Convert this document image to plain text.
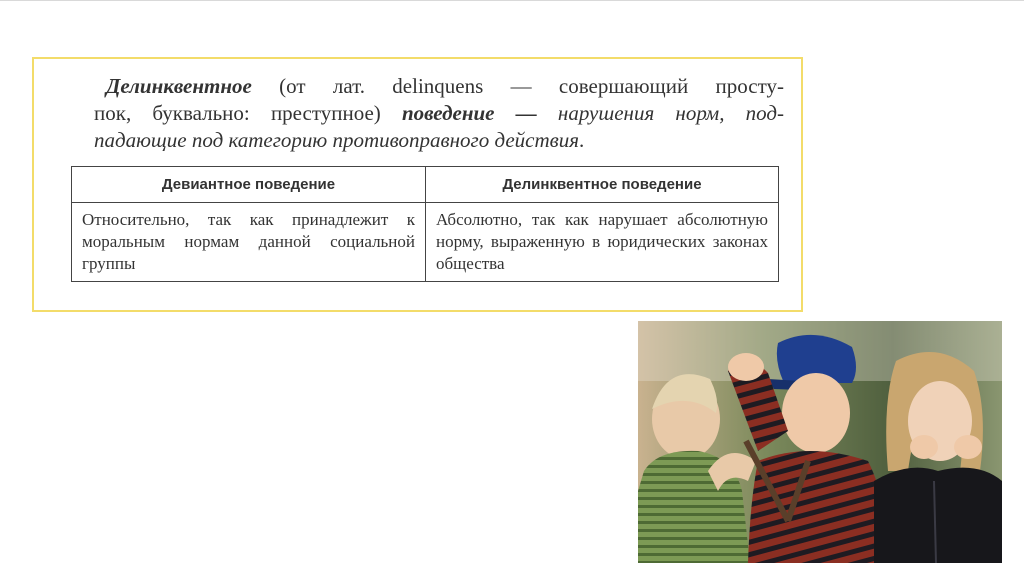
Делинквентное (от лат. delinquens — совершающий просту-
пок, буквально: преступное) поведение — нарушения норм, под-
падающие под категорию противоправного действия.

Девиантное поведение	Делинквентное поведение
Относительно, так как принадлежит к моральным нормам данной социальной группы	Абсолютно, так как нарушает абсолютную норму, выраженную в юридических законах общества
